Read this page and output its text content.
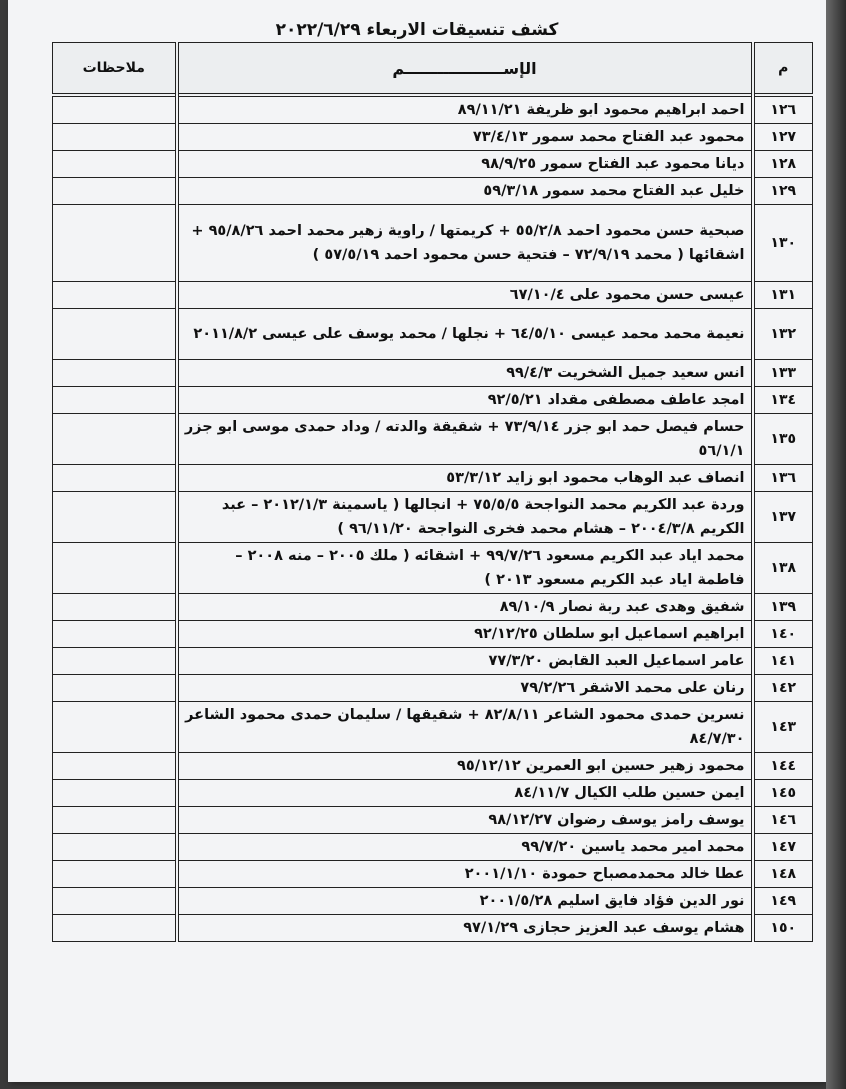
كشف تنسيقات الاربعاء ٢٠٢٢/٦/٢٩
م	الإســــــــــــــــــم	ملاحظات
١٢٦	احمد ابراهيم محمود ابو ظريفة ٨٩/١١/٢١	
١٢٧	محمود عبد الفتاح محمد سمور ٧٣/٤/١٣	
١٢٨	ديانا محمود عبد الفتاح سمور ٩٨/٩/٢٥	
١٢٩	خليل عبد الفتاح محمد سمور ٥٩/٣/١٨	
١٣٠	صبحية حسن محمود احمد ٥٥/٢/٨ + كريمتها / راوية زهير محمد احمد ٩٥/٨/٢٦ + اشقائها ( محمد ٧٢/٩/١٩ – فتحية حسن محمود احمد ٥٧/٥/١٩ )	
١٣١	عيسى حسن محمود على ٦٧/١٠/٤	
١٣٢	نعيمة محمد محمد عيسى ٦٤/٥/١٠ + نجلها / محمد يوسف على عيسى ٢٠١١/٨/٢	
١٣٣	انس سعيد جميل الشخريت ٩٩/٤/٣	
١٣٤	امجد عاطف مصطفى مقداد ٩٢/٥/٢١	
١٣٥	حسام فيصل حمد ابو جزر ٧٣/٩/١٤ + شقيقة والدته / وداد حمدى موسى ابو جزر ٥٦/١/١	
١٣٦	انصاف عبد الوهاب محمود ابو زايد ٥٣/٣/١٢	
١٣٧	وردة عبد الكريم محمد النواجحة ٧٥/٥/٥ + انجالها ( ياسمينة ٢٠١٢/١/٣ – عبد الكريم ٢٠٠٤/٣/٨ – هشام محمد فخرى النواجحة ٩٦/١١/٢٠ )	
١٣٨	محمد اياد عبد الكريم مسعود ٩٩/٧/٢٦ + اشقائه ( ملك ٢٠٠٥ – منه ٢٠٠٨ – فاطمة اياد عبد الكريم مسعود ٢٠١٣ )	
١٣٩	شفيق وهدى عبد ربة نصار ٨٩/١٠/٩	
١٤٠	ابراهيم اسماعيل ابو سلطان ٩٢/١٢/٢٥	
١٤١	عامر اسماعيل العبد القابض ٧٧/٣/٢٠	
١٤٢	رنان على محمد الاشقر ٧٩/٢/٢٦	
١٤٣	نسرين حمدى محمود الشاعر ٨٢/٨/١١ + شقيقها / سليمان حمدى محمود الشاعر ٨٤/٧/٣٠	
١٤٤	محمود زهير حسين ابو العمرين ٩٥/١٢/١٢	
١٤٥	ايمن حسين طلب الكيال ٨٤/١١/٧	
١٤٦	يوسف رامز يوسف رضوان ٩٨/١٢/٢٧	
١٤٧	محمد امير محمد ياسين ٩٩/٧/٢٠	
١٤٨	عطا خالد محمدمصباح حمودة ٢٠٠١/١/١٠	
١٤٩	نور الدين فؤاد فايق اسليم ٢٠٠١/٥/٢٨	
١٥٠	هشام يوسف عبد العزيز حجازى ٩٧/١/٢٩	
